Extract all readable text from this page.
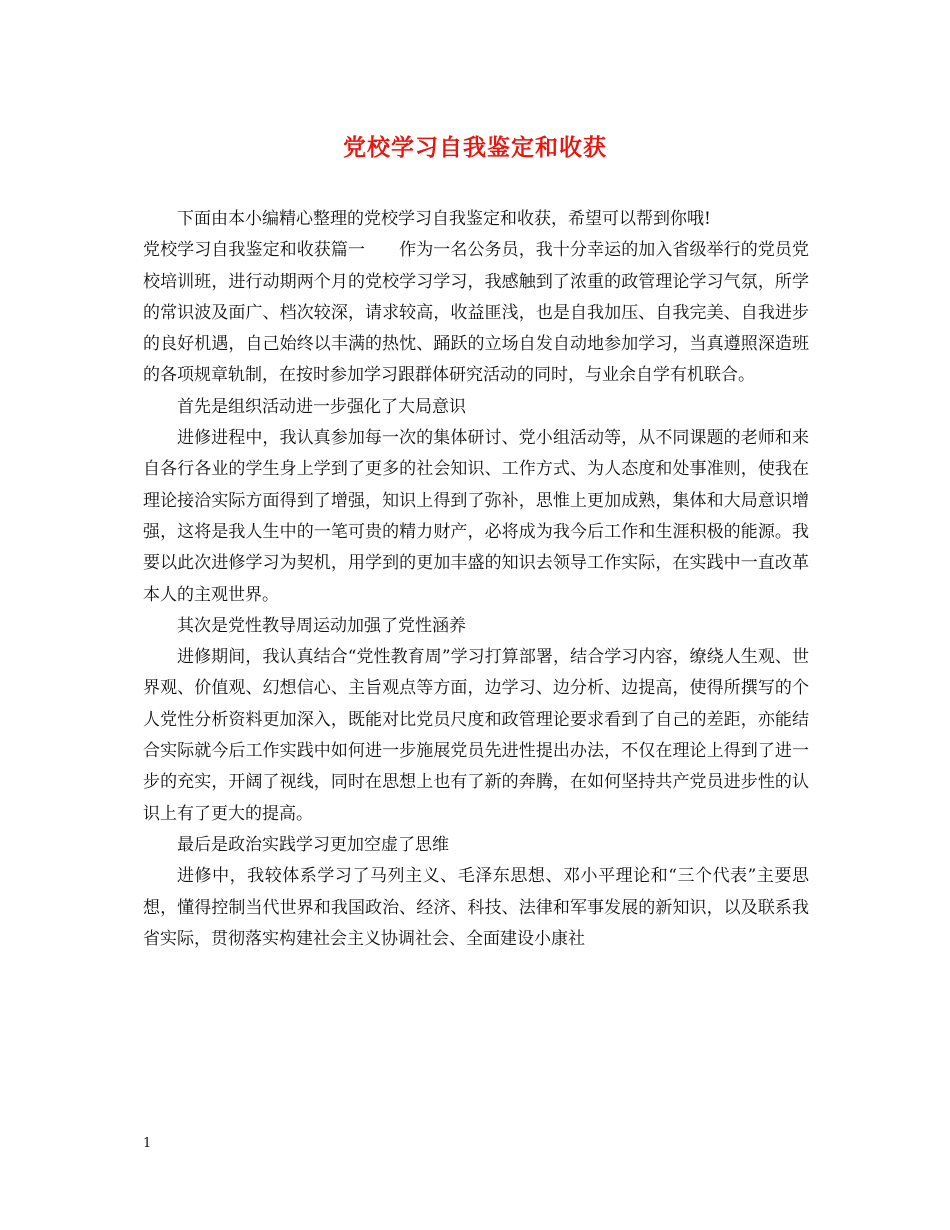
党校学习自我鉴定和收获

下面由本小编精心整理的党校学习自我鉴定和收获，希望可以帮到你哦!

党校学习自我鉴定和收获篇一 作为一名公务员，我十分幸运的加入省级举行的党员党校培训班，进行动期两个月的党校学习学习，我感触到了浓重的政管理论学习气氛，所学的常识波及面广、档次较深，请求较高，收益匪浅，也是自我加压、自我完美、自我进步的良好机遇，自己始终以丰满的热忱、踊跃的立场自发自动地参加学习，当真遵照深造班的各项规章轨制，在按时参加学习跟群体研究活动的同时，与业余自学有机联合。

首先是组织活动进一步强化了大局意识

进修进程中，我认真参加每一次的集体研讨、党小组活动等，从不同课题的老师和来自各行各业的学生身上学到了更多的社会知识、工作方式、为人态度和处事准则，使我在理论接洽实际方面得到了增强，知识上得到了弥补，思惟上更加成熟，集体和大局意识增强，这将是我人生中的一笔可贵的精力财产，必将成为我今后工作和生涯积极的能源。我要以此次进修学习为契机，用学到的更加丰盛的知识去领导工作实际，在实践中一直改革本人的主观世界。

其次是党性教导周运动加强了党性涵养

进修期间，我认真结合“党性教育周”学习打算部署，结合学习内容，缭绕人生观、世界观、价值观、幻想信心、主旨观点等方面，边学习、边分析、边提高，使得所撰写的个人党性分析资料更加深入，既能对比党员尺度和政管理论要求看到了自己的差距，亦能结合实际就今后工作实践中如何进一步施展党员先进性提出办法，不仅在理论上得到了进一步的充实，开阔了视线，同时在思想上也有了新的奔腾，在如何坚持共产党员进步性的认识上有了更大的提高。

最后是政治实践学习更加空虚了思维

进修中，我较体系学习了马列主义、毛泽东思想、邓小平理论和“三个代表”主要思想，懂得控制当代世界和我国政治、经济、科技、法律和军事发展的新知识，以及联系我省实际，贯彻落实构建社会主义协调社会、全面建设小康社

1
